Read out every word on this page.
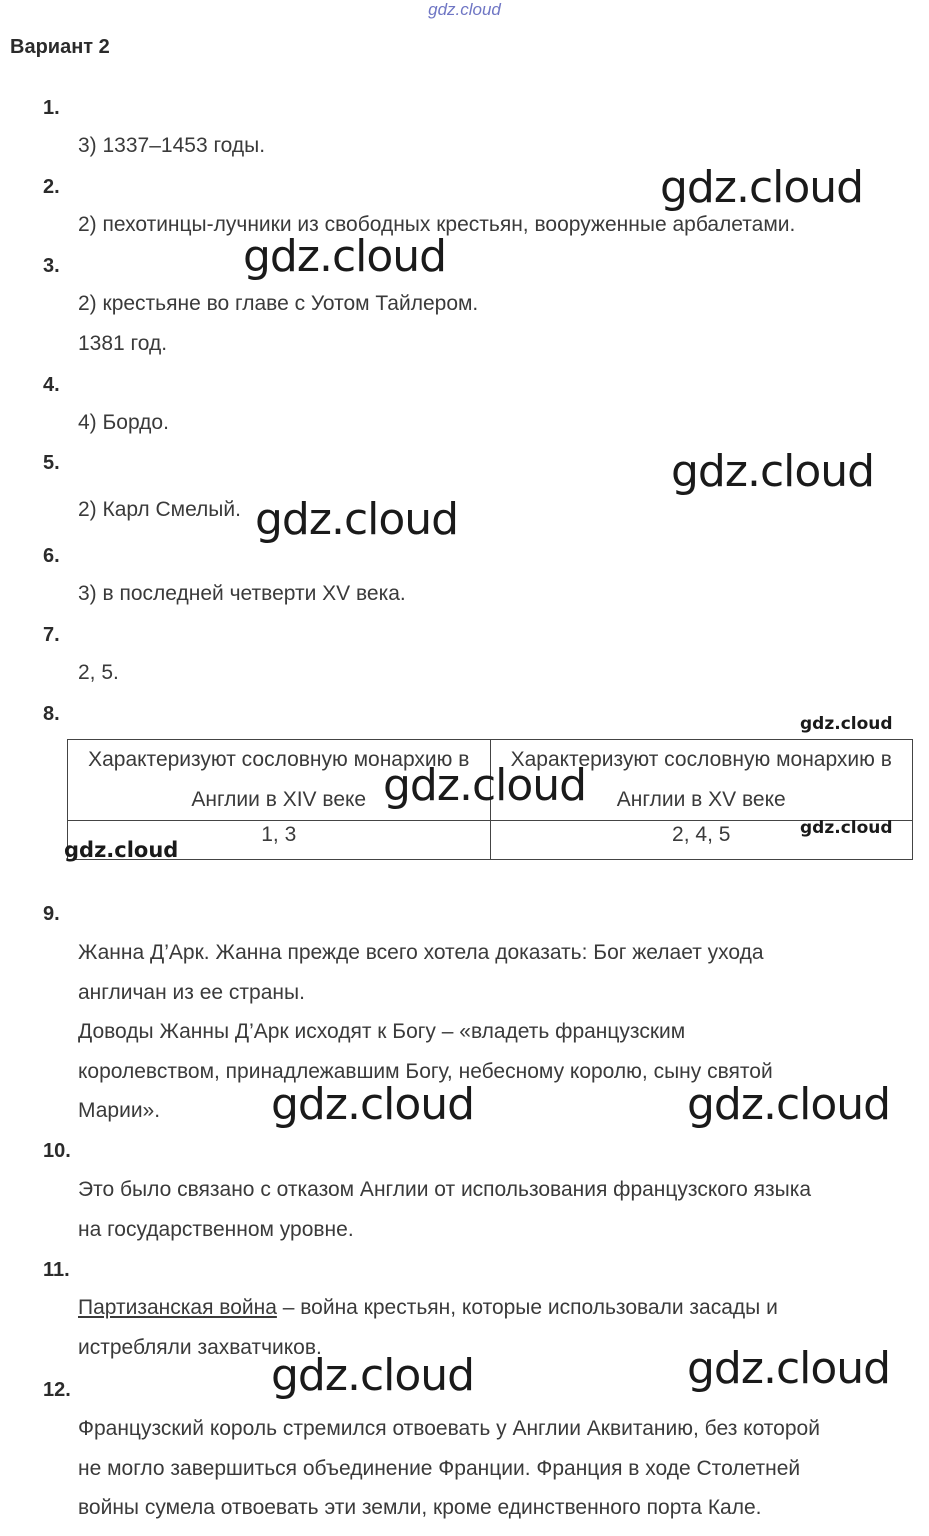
gdz.cloud
Вариант 2
1.
3) 1337–1453 годы.
2.
2) пехотинцы-лучники из свободных крестьян, вооруженные арбалетами.
3.
2) крестьяне во главе с Уотом Тайлером.
1381 год.
4.
4) Бордо.
5.
2) Карл Смелый.
6.
3) в последней четверти XV века.
7.
2, 5.
8.
Характеризуют сословную монархию в Англии в XIV веке	Характеризуют сословную монархию в Англии в XV веке
1, 3	2, 4, 5
9.
Жанна Д’Арк. Жанна прежде всего хотела доказать: Бог желает ухода
англичан из ее страны.
Доводы Жанны Д’Арк исходят к Богу – «владеть французским
королевством, принадлежавшим Богу, небесному королю, сыну святой
Марии».
10.
Это было связано с отказом Англии от использования французского языка
на государственном уровне.
11.
Партизанская война – война крестьян, которые использовали засады и
истребляли захватчиков.
12.
Французский король стремился отвоевать у Англии Аквитанию, без которой
не могло завершиться объединение Франции. Франция в ходе Столетней
войны сумела отвоевать эти земли, кроме единственного порта Кале.
gdz.cloud
gdz.cloud
gdz.cloud
gdz.cloud
gdz.cloud
gdz.cloud
gdz.cloud
gdz.cloud
gdz.cloud	gdz.cloud
gdz.cloud	gdz.cloud
